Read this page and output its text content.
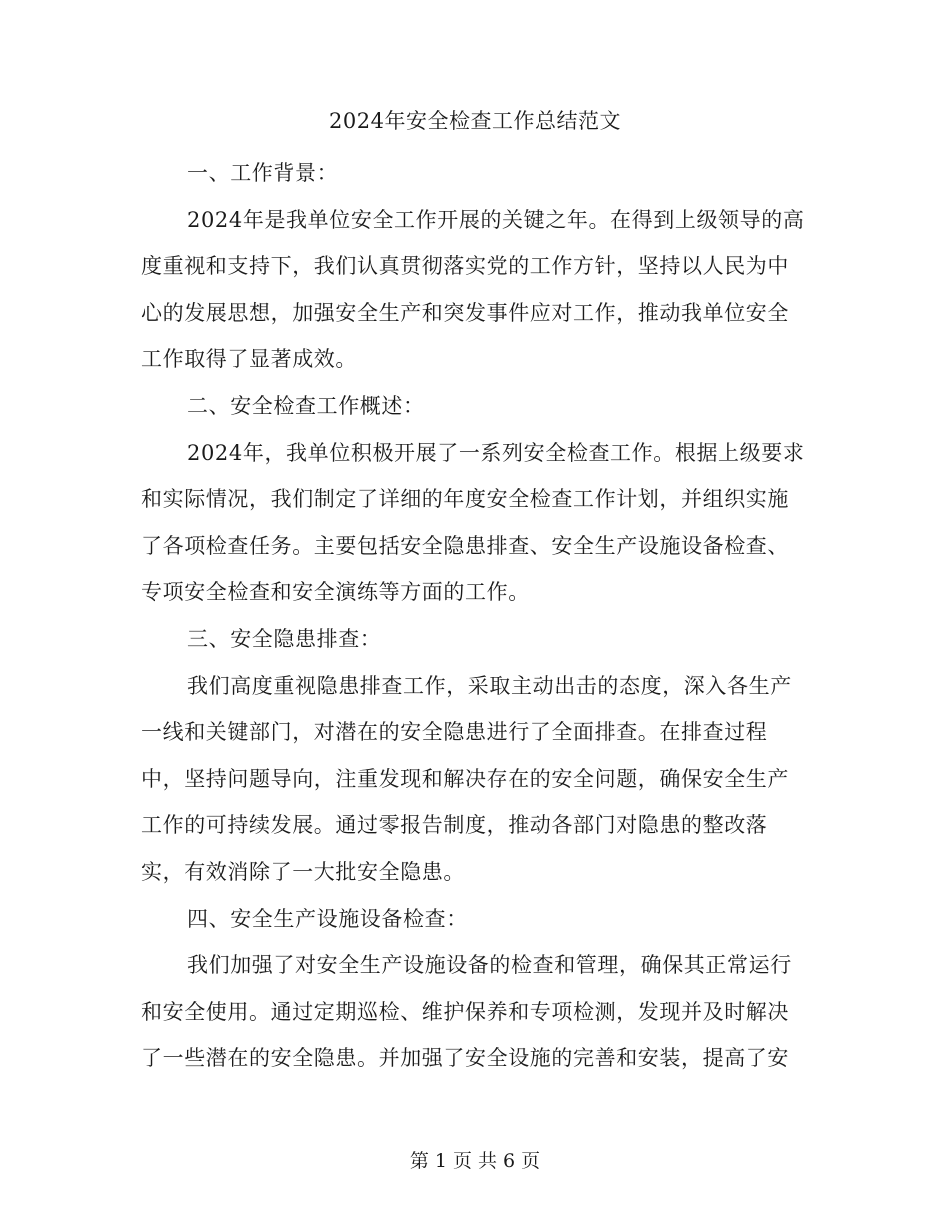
2024年安全检查工作总结范文
一、工作背景：
2024年是我单位安全工作开展的关键之年。在得到上级领导的高
度重视和支持下，我们认真贯彻落实党的工作方针，坚持以人民为中
心的发展思想，加强安全生产和突发事件应对工作，推动我单位安全
工作取得了显著成效。
二、安全检查工作概述：
2024年，我单位积极开展了一系列安全检查工作。根据上级要求
和实际情况，我们制定了详细的年度安全检查工作计划，并组织实施
了各项检查任务。主要包括安全隐患排查、安全生产设施设备检查、
专项安全检查和安全演练等方面的工作。
三、安全隐患排查：
我们高度重视隐患排查工作，采取主动出击的态度，深入各生产
一线和关键部门，对潜在的安全隐患进行了全面排查。在排查过程
中，坚持问题导向，注重发现和解决存在的安全问题，确保安全生产
工作的可持续发展。通过零报告制度，推动各部门对隐患的整改落
实，有效消除了一大批安全隐患。
四、安全生产设施设备检查：
我们加强了对安全生产设施设备的检查和管理，确保其正常运行
和安全使用。通过定期巡检、维护保养和专项检测，发现并及时解决
了一些潜在的安全隐患。并加强了安全设施的完善和安装，提高了安
第 1 页 共 6 页
